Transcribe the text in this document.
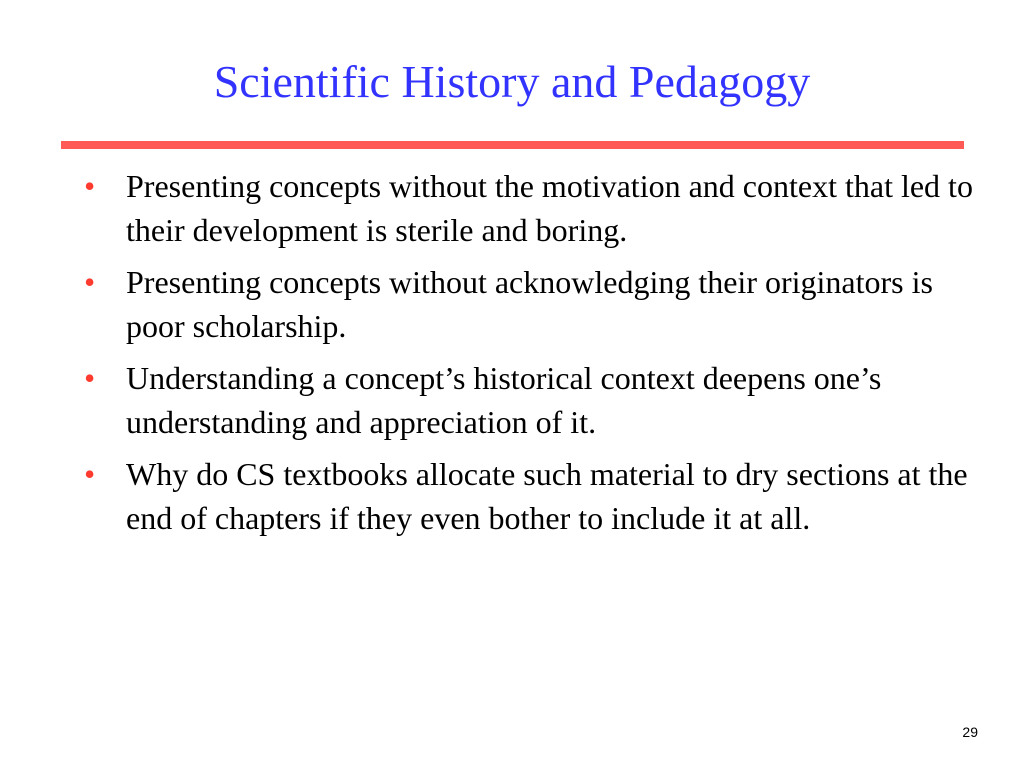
Scientific History and Pedagogy
• Presenting concepts without the motivation and context that led to their development is sterile and boring.
• Presenting concepts without acknowledging their originators is poor scholarship.
• Understanding a concept’s historical context deepens one’s understanding and appreciation of it.
• Why do CS textbooks allocate such material to dry sections at the end of chapters if they even bother to include it at all.
29
